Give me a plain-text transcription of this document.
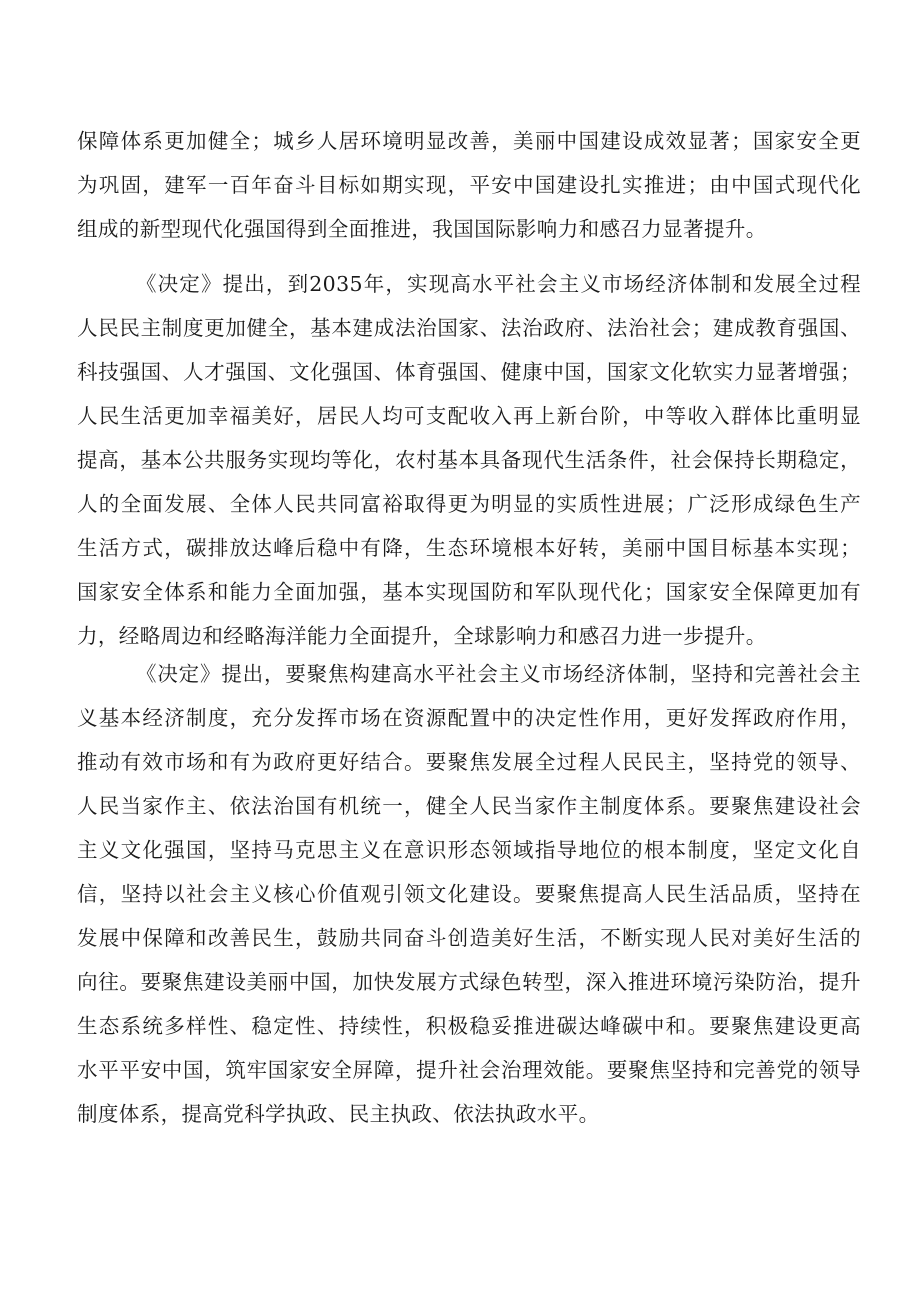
保障体系更加健全；城乡人居环境明显改善，美丽中国建设成效显著；国家安全更
为巩固，建军一百年奋斗目标如期实现，平安中国建设扎实推进；由中国式现代化
组成的新型现代化强国得到全面推进，我国国际影响力和感召力显著提升。
《决定》提出，到2035年，实现高水平社会主义市场经济体制和发展全过程
人民民主制度更加健全，基本建成法治国家、法治政府、法治社会；建成教育强国、
科技强国、人才强国、文化强国、体育强国、健康中国，国家文化软实力显著增强；
人民生活更加幸福美好，居民人均可支配收入再上新台阶，中等收入群体比重明显
提高，基本公共服务实现均等化，农村基本具备现代生活条件，社会保持长期稳定，
人的全面发展、全体人民共同富裕取得更为明显的实质性进展；广泛形成绿色生产
生活方式，碳排放达峰后稳中有降，生态环境根本好转，美丽中国目标基本实现；
国家安全体系和能力全面加强，基本实现国防和军队现代化；国家安全保障更加有
力，经略周边和经略海洋能力全面提升，全球影响力和感召力进一步提升。
《决定》提出，要聚焦构建高水平社会主义市场经济体制，坚持和完善社会主
义基本经济制度，充分发挥市场在资源配置中的决定性作用，更好发挥政府作用，
推动有效市场和有为政府更好结合。要聚焦发展全过程人民民主，坚持党的领导、
人民当家作主、依法治国有机统一，健全人民当家作主制度体系。要聚焦建设社会
主义文化强国，坚持马克思主义在意识形态领域指导地位的根本制度，坚定文化自
信，坚持以社会主义核心价值观引领文化建设。要聚焦提高人民生活品质，坚持在
发展中保障和改善民生，鼓励共同奋斗创造美好生活，不断实现人民对美好生活的
向往。要聚焦建设美丽中国，加快发展方式绿色转型，深入推进环境污染防治，提升
生态系统多样性、稳定性、持续性，积极稳妥推进碳达峰碳中和。要聚焦建设更高
水平平安中国，筑牢国家安全屏障，提升社会治理效能。要聚焦坚持和完善党的领导
制度体系，提高党科学执政、民主执政、依法执政水平。
